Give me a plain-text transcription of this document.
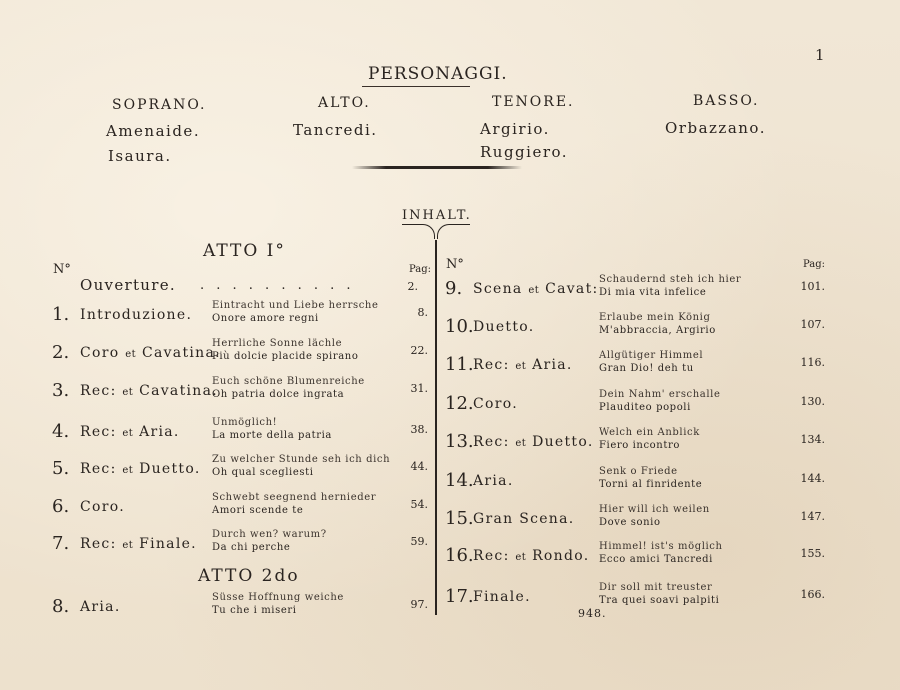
1
PERSONAGGI.
SOPRANO.
Amenaide.
Isaura.
ALTO.
Tancredi.
TENORE.
Argirio.
Ruggiero.
BASSO.
Orbazzano.
INHALT.
ATTO I°
N°	Pag:
Ouverture. . . . . . . . . . .	2.
1. Introduzione.
Eintracht und Liebe herrsche
Onore amore regni	8.
2. Coro et Cavatina.
Herrliche Sonne lächle
Più dolcie placide spirano	22.
3. Rec: et Cavatina.
Euch schöne Blumenreiche
Oh patria dolce ingrata	31.
4. Rec: et Aria.
Unmöglich!
La morte della patria	38.
5. Rec: et Duetto.
Zu welcher Stunde seh ich dich
Oh qual scegliesti	44.
6. Coro.
Schwebt seegnend hernieder
Amori scende te	54.
7. Rec: et Finale.
Durch wen? warum?
Da chi perche	59.
8. Aria.
Süsse Hoffnung weiche
Tu che i miseri	97.
ATTO 2do
N°	Pag:
9. Scena et Cavat:
Schaudernd steh ich hier
Di mia vita infelice	101.
10. Duetto.
Erlaube mein König
M'abbraccia, Argirio	107.
11. Rec: et Aria.
Allgütiger Himmel
Gran Dio! deh tu	116.
12. Coro.
Dein Nahm' erschalle
Plauditeo popoli	130.
13. Rec: et Duetto.
Welch ein Anblick
Fiero incontro	134.
14. Aria.
Senk o Friede
Torni al finridente	144.
15. Gran Scena.
Hier will ich weilen
Dove sonio	147.
16. Rec: et Rondo.
Himmel! ist's möglich
Ecco amici Tancredi	155.
17. Finale.
Dir soll mit treuster
Tra quei soavi palpiti	166.
948.
